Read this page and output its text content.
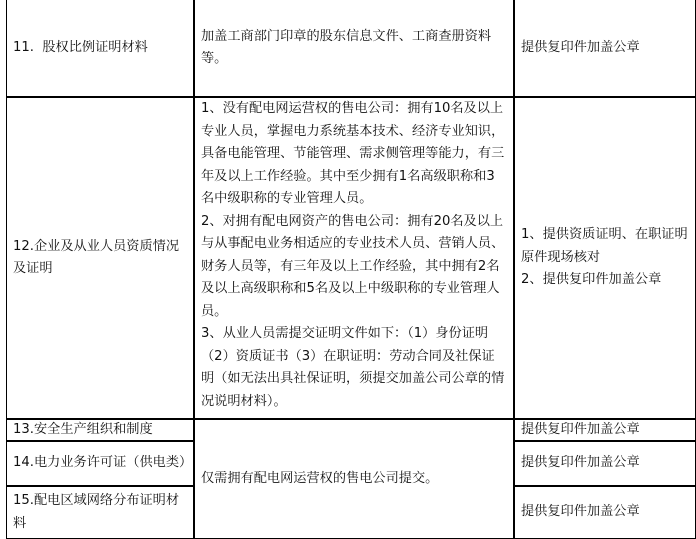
11.  股权比例证明材料
加盖工商部门印章的股东信息文件、工商查册资料等。
提供复印件加盖公章
12.企业及从业人员资质情况及证明
1、没有配电网运营权的售电公司：拥有10名及以上专业人员，掌握电力系统基本技术、经济专业知识，具备电能管理、节能管理、需求侧管理等能力，有三年及以上工作经验。其中至少拥有1名高级职称和3名中级职称的专业管理人员。
2、对拥有配电网资产的售电公司：拥有20名及以上与从事配电业务相适应的专业技术人员、营销人员、财务人员等，有三年及以上工作经验，其中拥有2名及以上高级职称和5名及以上中级职称的专业管理人员。
3、从业人员需提交证明文件如下：（1）身份证明（2）资质证书（3）在职证明：劳动合同及社保证明（如无法出具社保证明，须提交加盖公司公章的情况说明材料）。
1、提供资质证明、在职证明原件现场核对
2、提供复印件加盖公章
13.安全生产组织和制度
14.电力业务许可证（供电类）
15.配电区域网络分布证明材料
仅需拥有配电网运营权的售电公司提交。
提供复印件加盖公章
提供复印件加盖公章
提供复印件加盖公章
